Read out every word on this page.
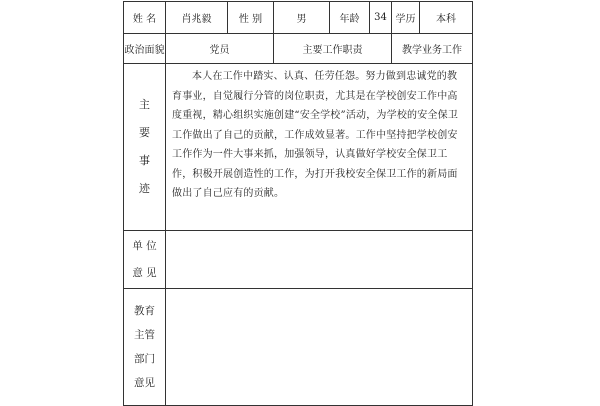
姓 名	肖兆毅	性 别	男	年龄	34	学历	本科
政治面貌	党员		主要工作职责			教学业务工作	

主
要
事
迹	本人在工作中踏实、认真、任劳任怨。努力做到忠诚党的教育事业，自觉履行分管的岗位职责，尤其是在学校创安工作中高度重视，精心组织实施创建“安全学校”活动，为学校的安全保卫工作做出了自己的贡献，工作成效显著。工作中坚持把学校创安工作作为一件大事来抓，加强领导，认真做好学校安全保卫工作，积极开展创造性的工作，为打开我校安全保卫工作的新局面做出了自己应有的贡献。						

单 位
意 见							

教育
主管
部门
意见							
